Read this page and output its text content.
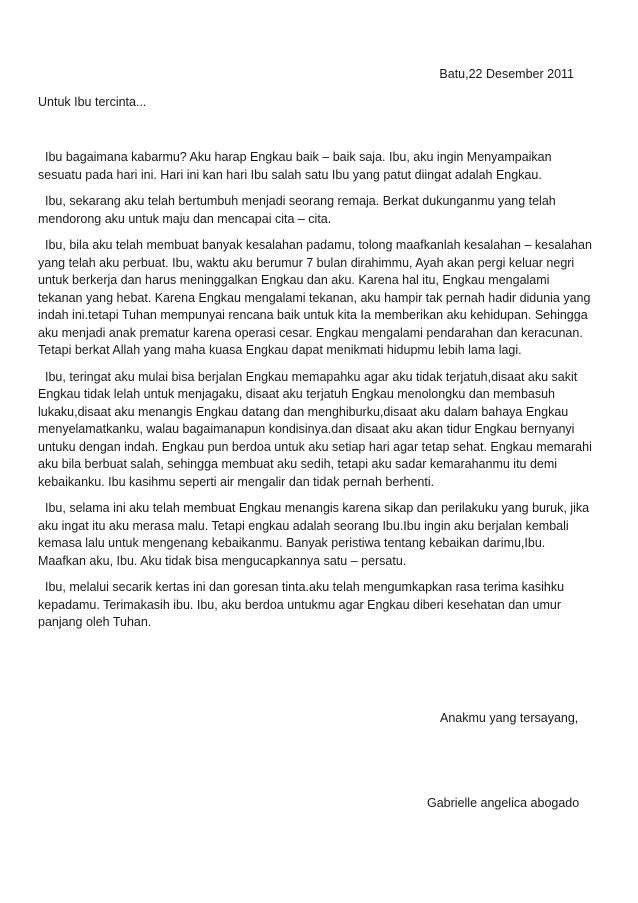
Batu,22 Desember 2011
Untuk Ibu tercinta...

Ibu bagaimana kabarmu? Aku harap Engkau baik – baik saja. Ibu, aku ingin Menyampaikan sesuatu pada hari ini. Hari ini kan hari Ibu salah satu Ibu yang patut diingat adalah Engkau.

Ibu, sekarang aku telah bertumbuh menjadi seorang remaja. Berkat dukunganmu yang telah mendorong aku untuk maju dan mencapai cita – cita.

Ibu, bila aku telah membuat banyak kesalahan padamu, tolong maafkanlah kesalahan – kesalahan yang telah aku perbuat. Ibu, waktu aku berumur 7 bulan dirahimmu, Ayah akan pergi keluar negri untuk berkerja dan harus meninggalkan Engkau dan aku. Karena hal itu, Engkau mengalami tekanan yang hebat. Karena Engkau mengalami tekanan, aku hampir tak pernah hadir didunia yang indah ini.tetapi Tuhan mempunyai rencana baik untuk kita Ia memberikan aku kehidupan. Sehingga aku menjadi anak prematur karena operasi cesar. Engkau mengalami pendarahan dan keracunan. Tetapi berkat Allah yang maha kuasa Engkau dapat menikmati hidupmu lebih lama lagi.

Ibu, teringat aku mulai bisa berjalan Engkau memapahku agar aku tidak terjatuh,disaat aku sakit Engkau tidak lelah untuk menjagaku, disaat aku terjatuh Engkau menolongku dan membasuh lukaku,disaat aku menangis Engkau datang dan menghiburku,disaat aku dalam bahaya Engkau menyelamatkanku, walau bagaimanapun kondisinya.dan disaat aku akan tidur Engkau bernyanyi untuku dengan indah. Engkau pun berdoa untuk aku setiap hari agar tetap sehat. Engkau memarahi aku bila berbuat salah, sehingga membuat aku sedih, tetapi aku sadar kemarahanmu itu demi kebaikanku. Ibu kasihmu seperti air mengalir dan tidak pernah berhenti.

Ibu, selama ini aku telah membuat Engkau menangis karena sikap dan perilakuku yang buruk, jika aku ingat itu aku merasa malu. Tetapi engkau adalah seorang Ibu.Ibu ingin aku berjalan kembali kemasa lalu untuk mengenang kebaikanmu. Banyak peristiwa tentang kebaikan darimu,Ibu. Maafkan aku, Ibu. Aku tidak bisa mengucapkannya satu – persatu.

Ibu, melalui secarik kertas ini dan goresan tinta.aku telah mengumkapkan rasa terima kasihku kepadamu. Terimakasih ibu. Ibu, aku berdoa untukmu agar Engkau diberi kesehatan dan umur panjang oleh Tuhan.

Anakmu yang tersayang,
Gabrielle angelica abogado
